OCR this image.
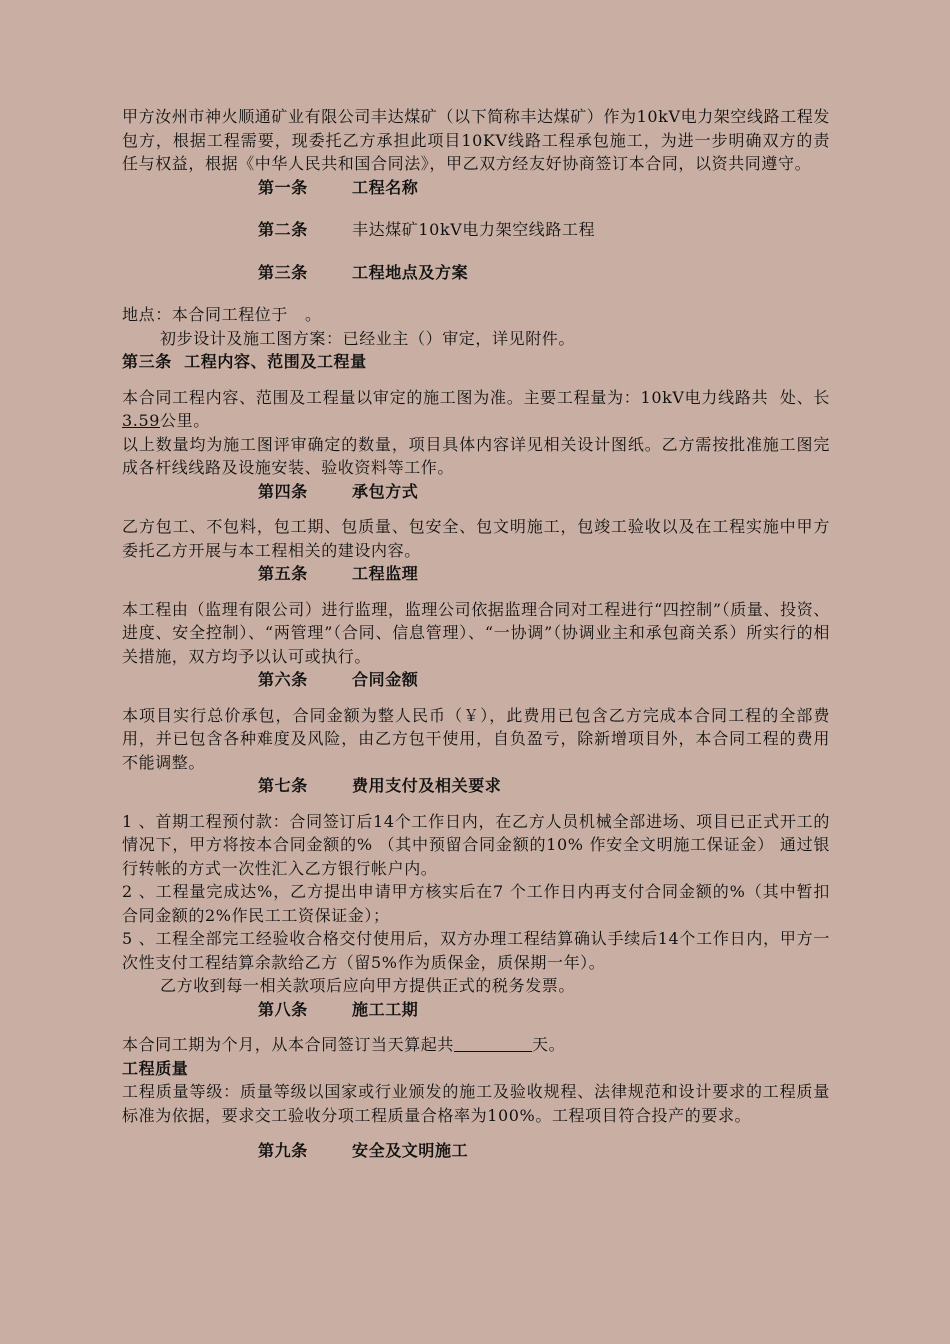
甲方汝州市神火顺通矿业有限公司丰达煤矿（以下简称丰达煤矿）作为10kV电力架空线路工程发包方，根据工程需要，现委托乙方承担此项目10KV线路工程承包施工，为进一步明确双方的责任与权益，根据《中华人民共和国合同法》，甲乙双方经友好协商签订本合同，以资共同遵守。

第一条	工程名称

第二条	丰达煤矿10kV电力架空线路工程

第三条	工程地点及方案

地点：本合同工程位于   。

初步设计及施工图方案：已经业主（）审定，详见附件。

第三条  工程内容、范围及工程量

本合同工程内容、范围及工程量以审定的施工图为准。主要工程量为：10kV电力线路共  处、长  3.59公里。

以上数量均为施工图评审确定的数量，项目具体内容详见相关设计图纸。乙方需按批准施工图完成各杆线线路及设施安装、验收资料等工作。

第四条	承包方式

乙方包工、不包料，包工期、包质量、包安全、包文明施工，包竣工验收以及在工程实施中甲方委托乙方开展与本工程相关的建设内容。

第五条	工程监理

本工程由（监理有限公司）进行监理，监理公司依据监理合同对工程进行“四控制”（质量、投资、进度、安全控制）、“两管理”（合同、信息管理）、“一协调”（协调业主和承包商关系）所实行的相关措施，双方均予以认可或执行。

第六条	合同金额

本项目实行总价承包，合同金额为整人民币（￥），此费用已包含乙方完成本合同工程的全部费用，并已包含各种难度及风险，由乙方包干使用，自负盈亏，除新增项目外，本合同工程的费用不能调整。

第七条	费用支付及相关要求

1 、首期工程预付款：合同签订后14个工作日内，在乙方人员机械全部进场、项目已正式开工的情况下，甲方将按本合同金额的% （其中预留合同金额的10% 作安全文明施工保证金） 通过银行转帐的方式一次性汇入乙方银行帐户内。

2 、工程量完成达%，乙方提出申请甲方核实后在7 个工作日内再支付合同金额的%（其中暂扣合同金额的2%作民工工资保证金）；

5 、工程全部完工经验收合格交付使用后，双方办理工程结算确认手续后14个工作日内，甲方一次性支付工程结算余款给乙方（留5%作为质保金，质保期一年）。

乙方收到每一相关款项后应向甲方提供正式的税务发票。

第八条	施工工期

本合同工期为个月，从本合同签订当天算起共	天。

工程质量

工程质量等级：质量等级以国家或行业颁发的施工及验收规程、法律规范和设计要求的工程质量标准为依据，要求交工验收分项工程质量合格率为100%。工程项目符合投产的要求。

第九条	安全及文明施工
